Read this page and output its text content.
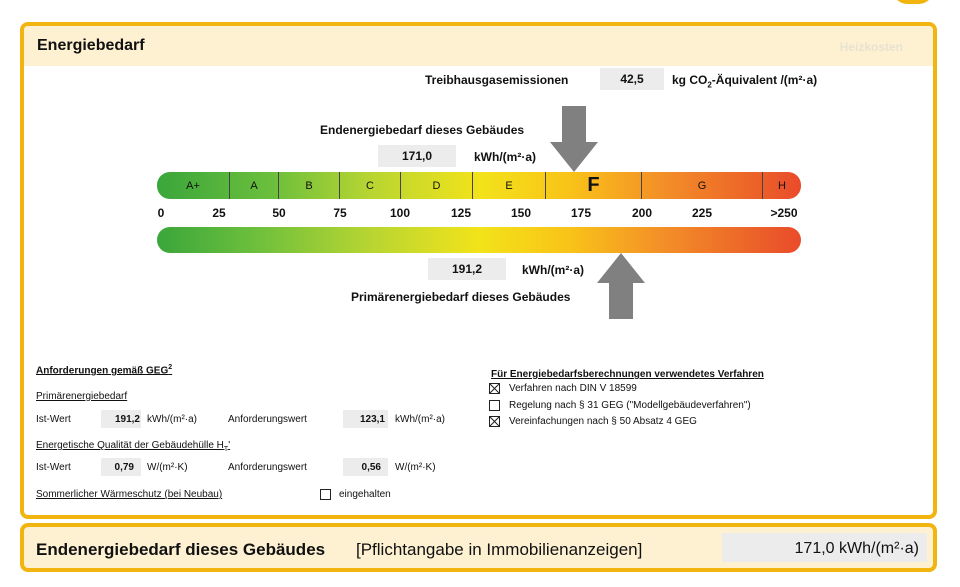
Energiebedarf	Heizkosten
Treibhausgasemissionen	42,5	kg $CO_2$-Äquivalent /(m²·a)
Endenergiebedarf dieses Gebäudes
171,0	kWh/(m²·a)
A+	A	B	C	D	E	F	G	H
0	25	50	75	100	125	150	175	200	225	>250
191,2	kWh/(m²·a)
Primärenergiebedarf dieses Gebäudes
Anforderungen gemäß GEG$^2$
Primärenergiebedarf
Ist-Wert	191,2 kWh/(m²·a)	Anforderungswert	123,1 kWh/(m²·a)
Energetische Qualität der Gebäudehülle $H_T'$
Ist-Wert	0,79 W/(m²·K)	Anforderungswert	0,56 W/(m²·K)
Sommerlicher Wärmeschutz (bei Neubau)	eingehalten
Für Energiebedarfsberechnungen verwendetes Verfahren
Verfahren nach DIN V 18599
Regelung nach § 31 GEG ("Modellgebäudeverfahren")
Vereinfachungen nach § 50 Absatz 4 GEG
Endenergiebedarf dieses Gebäudes [Pflichtangabe in Immobilienanzeigen]	171,0 kWh/(m²·a)
